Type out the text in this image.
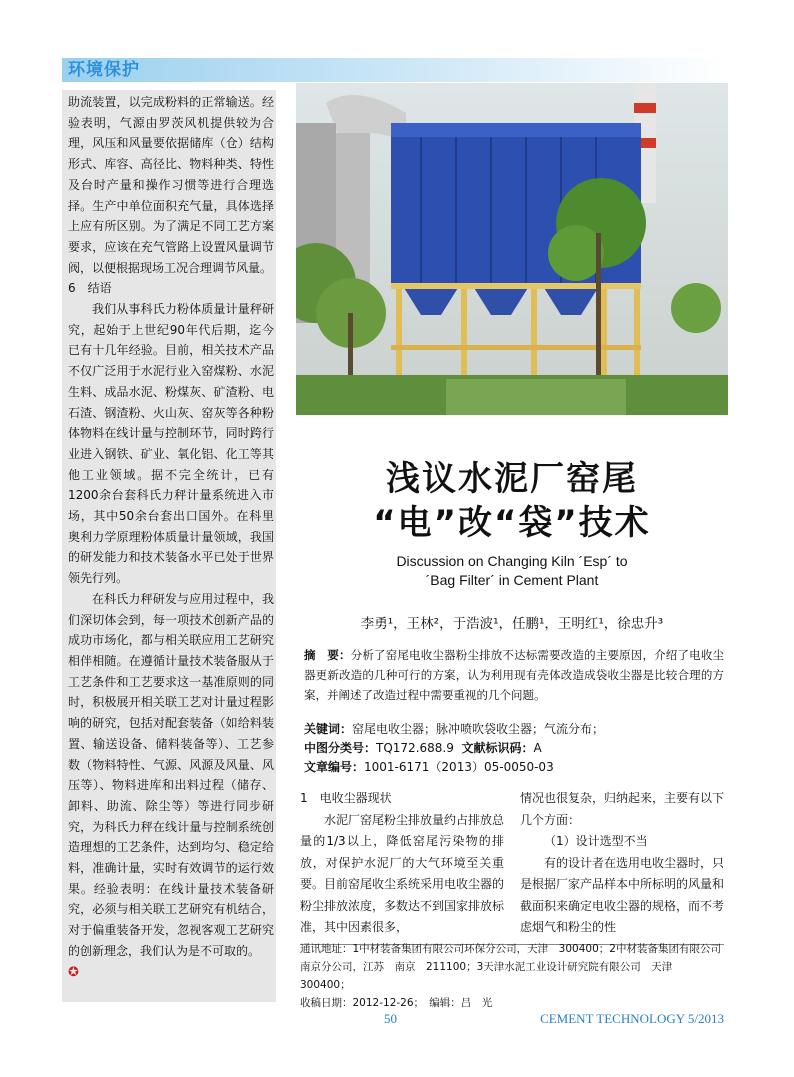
环境保护

助流装置，以完成粉料的正常输送。经验表明，气源由罗茨风机提供较为合理，风压和风量要依据储库（仓）结构形式、库容、高径比、物料种类、特性及台时产量和操作习惯等进行合理选择。生产中单位面积充气量，具体选择上应有所区别。为了满足不同工艺方案要求，应该在充气管路上设置风量调节阀，以便根据现场工况合理调节风量。

6　结语

我们从事科氏力粉体质量计量秤研究，起始于上世纪90年代后期，迄今已有十几年经验。目前，相关技术产品不仅广泛用于水泥行业入窑煤粉、水泥生料、成品水泥、粉煤灰、矿渣粉、电石渣、钢渣粉、火山灰、窑灰等各种粉体物料在线计量与控制环节，同时跨行业进入钢铁、矿业、氧化铝、化工等其他工业领域。据不完全统计，已有1200余台套科氏力秤计量系统进入市场，其中50余台套出口国外。在科里奥利力学原理粉体质量计量领域，我国的研发能力和技术装备水平已处于世界领先行列。

在科氏力秤研发与应用过程中，我们深切体会到，每一项技术创新产品的成功市场化，都与相关联应用工艺研究相伴相随。在遵循计量技术装备服从于工艺条件和工艺要求这一基准原则的同时，积极展开相关联工艺对计量过程影响的研究，包括对配套装备（如给料装置、输送设备、储料装备等）、工艺参数（物料特性、气源、风源及风量、风压等）、物料进库和出料过程（储存、卸料、助流、除尘等）等进行同步研究，为科氏力秤在线计量与控制系统创造理想的工艺条件，达到均匀、稳定给料，准确计量，实时有效调节的运行效果。经验表明：在线计量技术装备研究，必须与相关联工艺研究有机结合，对于偏重装备开发，忽视客观工艺研究的创新理念，我们认为是不可取的。

✪

浅议水泥厂窑尾
“电”改“袋”技术
Discussion on Changing Kiln ´Esp´ to
´Bag Filter´ in Cement Plant
李勇¹，王林²，于浩波¹，任鹏¹，王明红¹，徐忠升³
摘　要：分析了窑尾电收尘器粉尘排放不达标需要改造的主要原因，介绍了电收尘器更新改造的几种可行的方案，认为利用现有壳体改造成袋收尘器是比较合理的方案，并阐述了改造过程中需要重视的几个问题。
关键词：窑尾电收尘器；脉冲喷吹袋收尘器；气流分布；
中图分类号：TQ172.688.9 文献标识码：A
文章编号：1001-6171（2013）05-0050-03

1　电收尘器现状

水泥厂窑尾粉尘排放量约占排放总量的1/3以上，降低窑尾污染物的排放，对保护水泥厂的大气环境至关重要。目前窑尾收尘系统采用电收尘器的粉尘排放浓度，多数达不到国家排放标准，其中因素很多，

情况也很复杂，归纳起来，主要有以下几个方面：

（1）设计选型不当

有的设计者在选用电收尘器时，只是根据厂家产品样本中所标明的风量和截面积来确定电收尘器的规格，而不考虑烟气和粉尘的性

通讯地址：1中材装备集团有限公司环保分公司，天津　300400；2中材装备集团有限公司南京分公司，江苏　南京　211100；3天津水泥工业设计研究院有限公司　天津　300400；
收稿日期：2012-12-26；　编辑：吕　光
50	CEMENT TECHNOLOGY 5/2013
